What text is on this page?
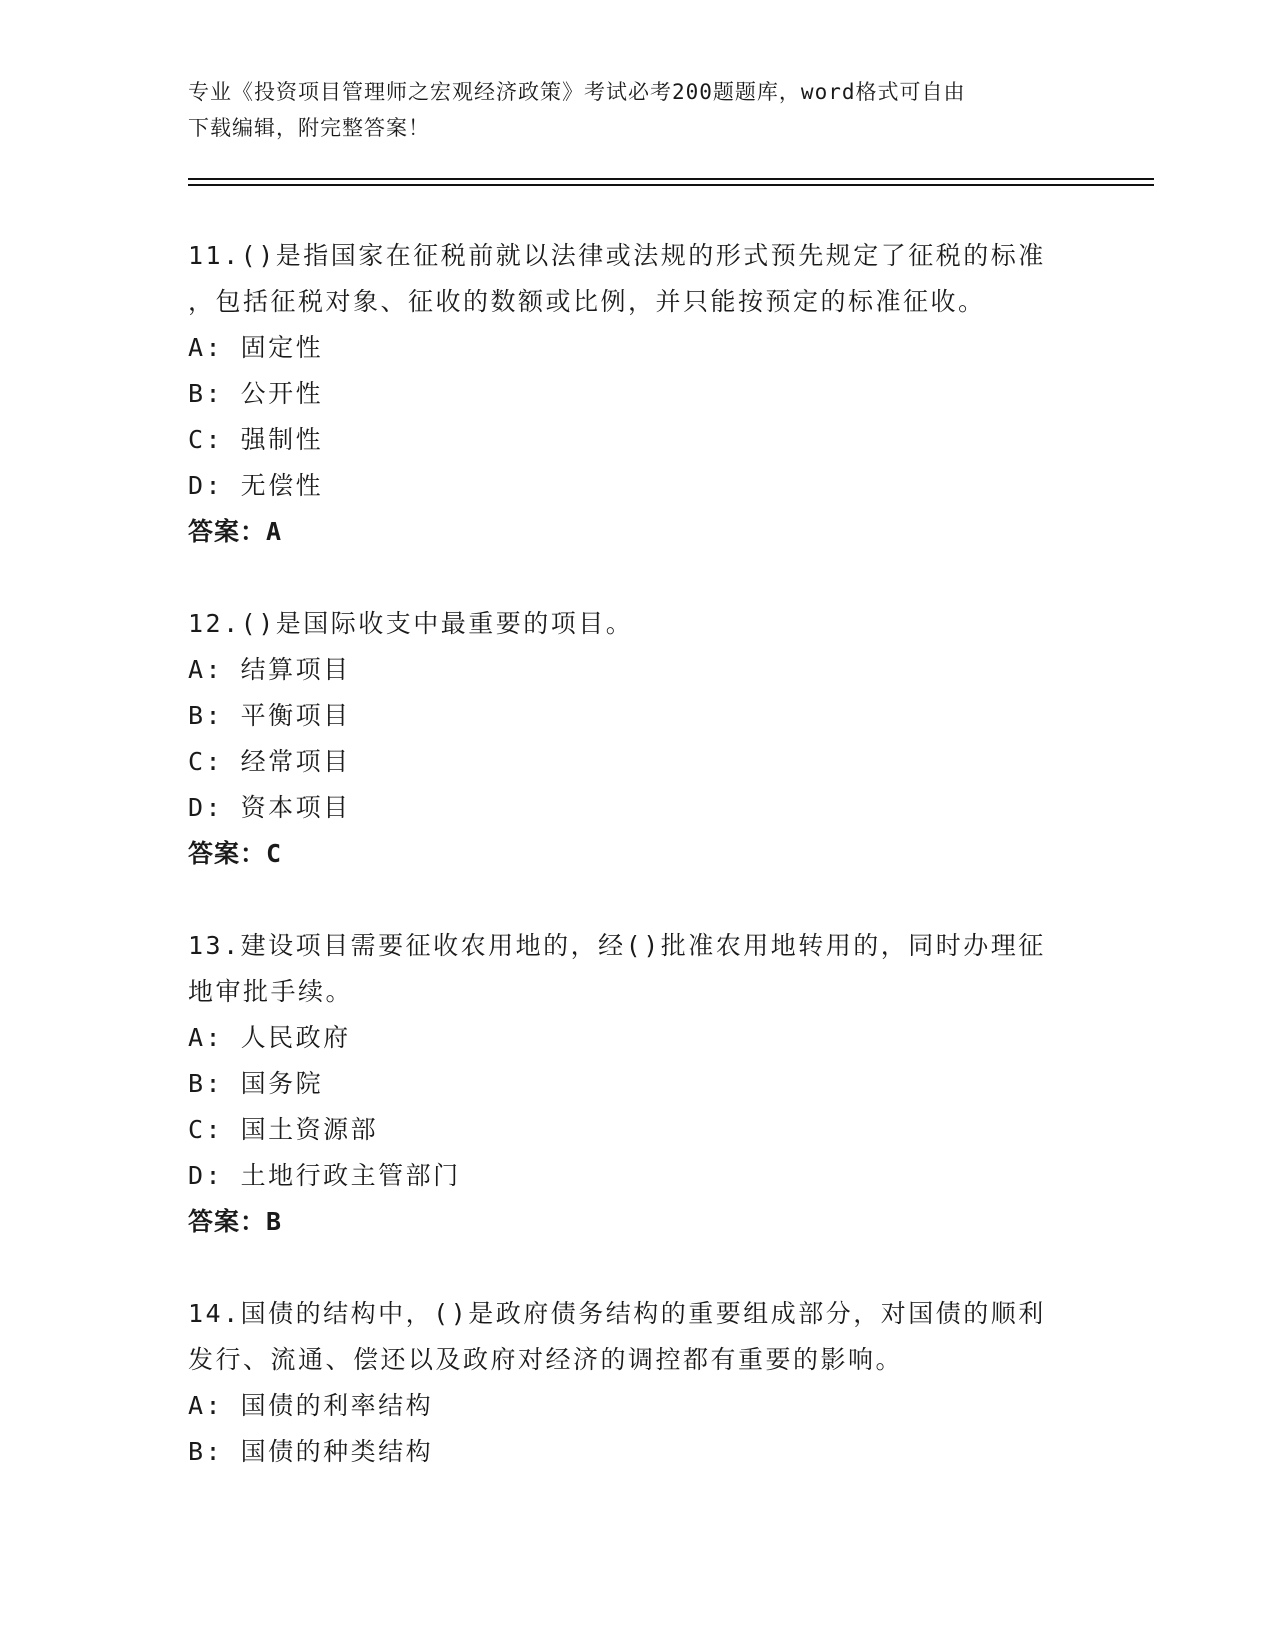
专业《投资项目管理师之宏观经济政策》考试必考200题题库，word格式可自由
下载编辑，附完整答案！
11.()是指国家在征税前就以法律或法规的形式预先规定了征税的标准
，包括征税对象、征收的数额或比例，并只能按预定的标准征收。
A: 固定性
B: 公开性
C: 强制性
D: 无偿性
答案：A
12.()是国际收支中最重要的项目。
A: 结算项目
B: 平衡项目
C: 经常项目
D: 资本项目
答案：C
13.建设项目需要征收农用地的，经()批准农用地转用的，同时办理征
地审批手续。
A: 人民政府
B: 国务院
C: 国土资源部
D: 土地行政主管部门
答案：B
14.国债的结构中，()是政府债务结构的重要组成部分，对国债的顺利
发行、流通、偿还以及政府对经济的调控都有重要的影响。
A: 国债的利率结构
B: 国债的种类结构
